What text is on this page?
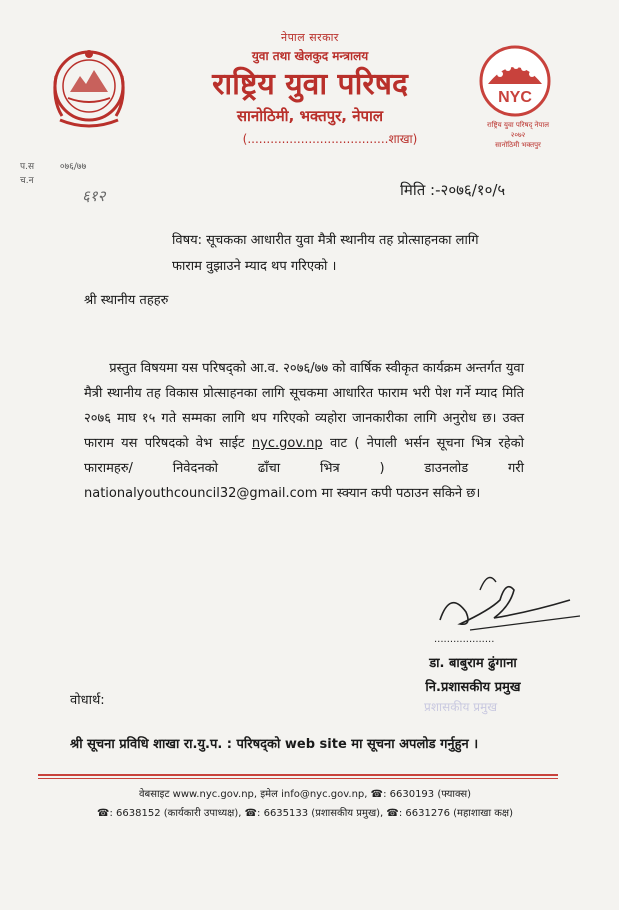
नेपाल सरकार
युवा तथा खेलकुद मन्त्रालय
राष्ट्रिय युवा परिषद
सानोठिमी, भक्तपुर, नेपाल
(.....................................शाखा)
NYC
राष्ट्रिय युवा परिषद् नेपाल
२०७२
सानोठिमी भक्तपुर
प.स	०७६/७७
च.न
६१२	मिति :-२०७६/१०/५
विषय: सूचकका आधारीत युवा मैत्री स्थानीय तह प्रोत्साहनका लागि
फाराम वुझाउने म्याद थप गरिएको ।
श्री स्थानीय तहहरु
प्रस्तुत विषयमा यस परिषद्‌को आ.व. २०७६/७७ को वार्षिक स्वीकृत कार्यक्रम अन्तर्गत युवा मैत्री स्थानीय तह विकास प्रोत्साहनका लागि सूचकमा आधारित फाराम भरी पेश गर्ने म्याद मिति २०७६ माघ १५ गते सम्मका लागि थप गरिएको व्यहोरा जानकारीका लागि अनुरोध छ। उक्त फाराम यस परिषदको वेभ साईट nyc.gov.np वाट ( नेपाली भर्सन सूचना भित्र रहेको फारामहरु/ निवेदनको ढाँचा भित्र ) डाउनलोड गरी nationalyouthcouncil32@gmail.com मा स्क्यान कपी पठाउन सकिने छ।
...................
डा. बाबुराम ढुंगाना
नि.प्रशासकीय प्रमुख
प्रशासकीय प्रमुख
वोधार्थ:
श्री सूचना प्रविधि शाखा रा.यु.प. : परिषद्‌को web site मा सूचना अपलोड गर्नुहुन ।
वेबसाइट www.nyc.gov.np, इमेल info@nyc.gov.np, ☎: 6630193 (फ्याक्स)
☎: 6638152 (कार्यकारी उपाध्यक्ष), ☎: 6635133 (प्रशासकीय प्रमुख), ☎: 6631276 (महाशाखा कक्ष)
